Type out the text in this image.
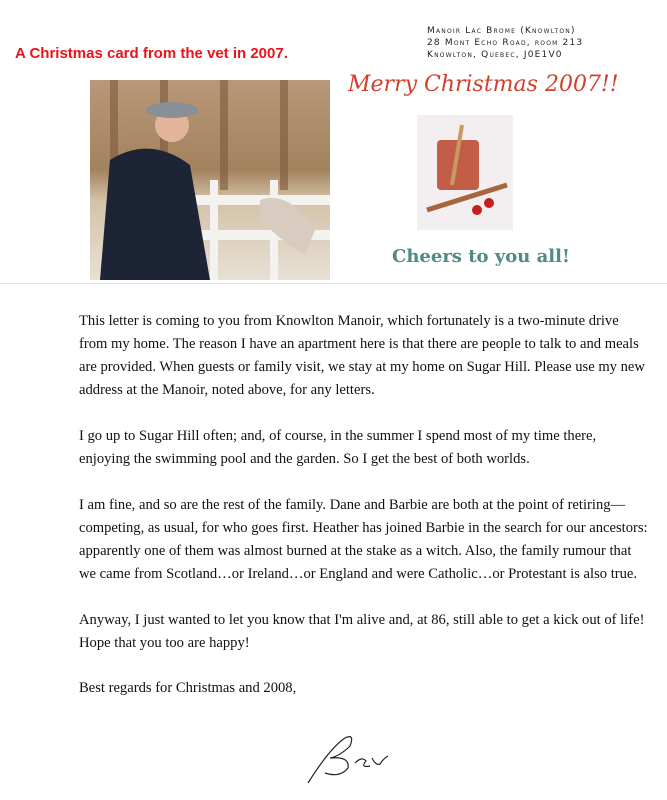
A Christmas card from the vet in 2007.
Manoir Lac Brome (Knowlton)
28 Mont Echo Road, room 213
Knowlton, Quebec, J0E1V0
Merry Christmas 2007!!
Cheers to you all!
This letter is coming to you from Knowlton Manoir, which fortunately is a two-minute drive from my home. The reason I have an apartment here is that there are people to talk to and meals are provided. When guests or family visit, we stay at my home on Sugar Hill. Please use my new address at the Manoir, noted above, for any letters.
I go up to Sugar Hill often; and, of course, in the summer I spend most of my time there, enjoying the swimming pool and the garden. So I get the best of both worlds.
I am fine, and so are the rest of the family. Dane and Barbie are both at the point of retiring—competing, as usual, for who goes first. Heather has joined Barbie in the search for our ancestors: apparently one of them was almost burned at the stake as a witch. Also, the family rumour that we came from Scotland…or Ireland…or England and were Catholic…or Protestant is also true.
Anyway, I just wanted to let you know that I'm alive and, at 86, still able to get a kick out of life! Hope that you too are happy!
Best regards for Christmas and 2008,
